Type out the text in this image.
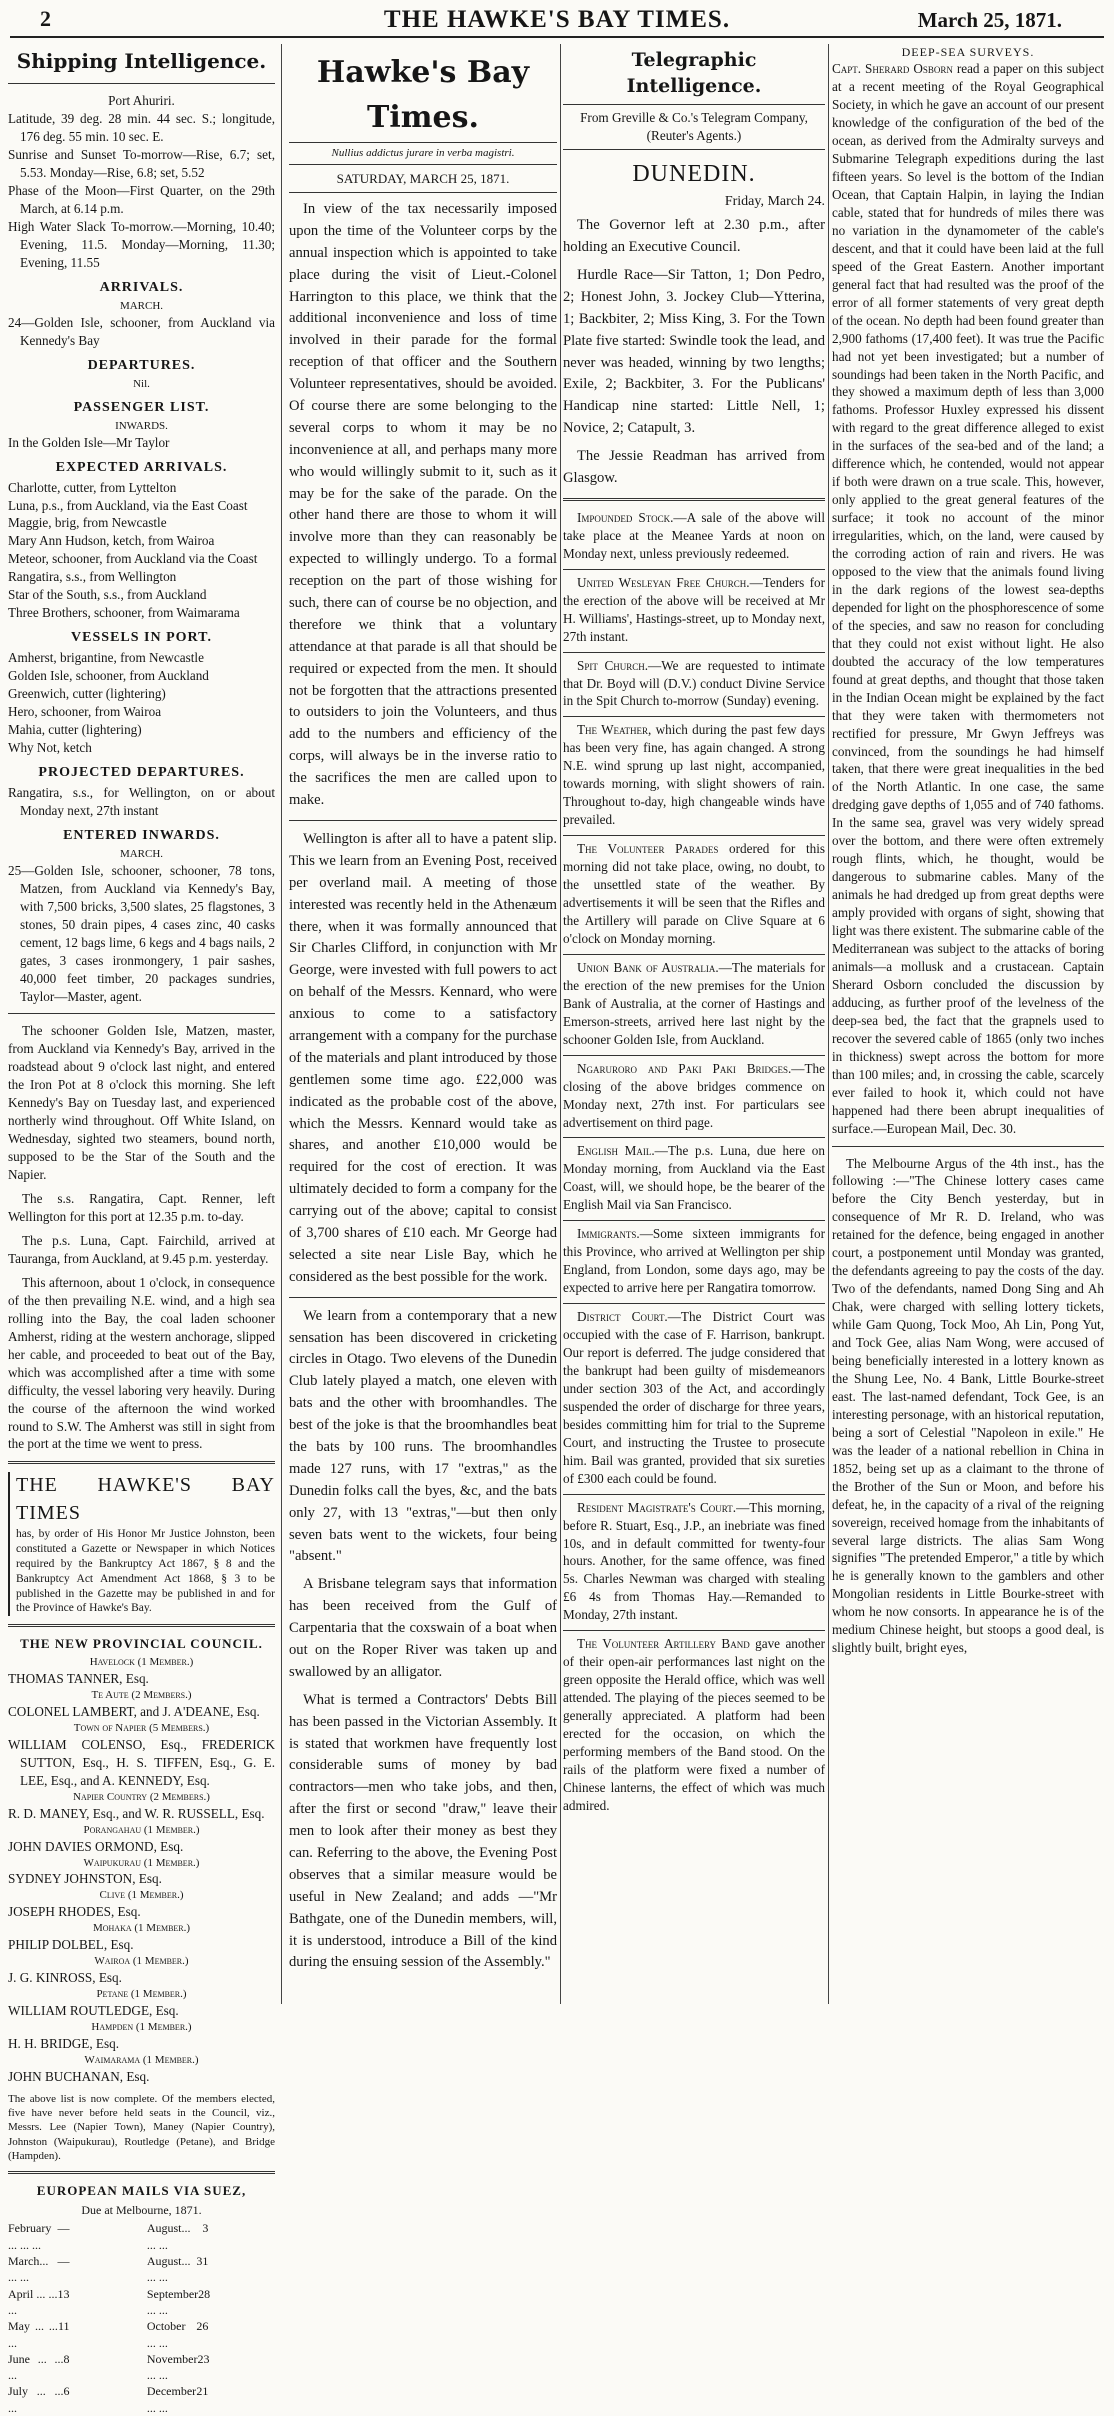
2	THE HAWKE'S BAY TIMES.	March 25, 1871.
Shipping Intelligence.

Port Ahuriri.

Latitude, 39 deg. 28 min. 44 sec. S.; longitude, 176 deg. 55 min. 10 sec. E.

Sunrise and Sunset To-morrow—Rise, 6.7; set, 5.53. Monday—Rise, 6.8; set, 5.52

Phase of the Moon—First Quarter, on the 29th March, at 6.14 p.m.

High Water Slack To-morrow.—Morning, 10.40; Evening, 11.5. Monday—Morning, 11.30; Evening, 11.55

ARRIVALS.

MARCH.

24—Golden Isle, schooner, from Auckland via Kennedy's Bay

DEPARTURES.

Nil.

PASSENGER LIST.

INWARDS.

In the Golden Isle—Mr Taylor

EXPECTED ARRIVALS.

Charlotte, cutter, from Lyttelton

Luna, p.s., from Auckland, via the East Coast

Maggie, brig, from Newcastle

Mary Ann Hudson, ketch, from Wairoa

Meteor, schooner, from Auckland via the Coast

Rangatira, s.s., from Wellington

Star of the South, s.s., from Auckland

Three Brothers, schooner, from Waimarama

VESSELS IN PORT.

Amherst, brigantine, from Newcastle

Golden Isle, schooner, from Auckland

Greenwich, cutter (lightering)

Hero, schooner, from Wairoa

Mahia, cutter (lightering)

Why Not, ketch

PROJECTED DEPARTURES.

Rangatira, s.s., for Wellington, on or about Monday next, 27th instant

ENTERED INWARDS.

MARCH.

25—Golden Isle, schooner, schooner, 78 tons, Matzen, from Auckland via Kennedy's Bay, with 7,500 bricks, 3,500 slates, 25 flagstones, 3 stones, 50 drain pipes, 4 cases zinc, 40 casks cement, 12 bags lime, 6 kegs and 4 bags nails, 2 gates, 3 cases ironmongery, 1 pair sashes, 40,000 feet timber, 20 packages sundries, Taylor—Master, agent.

The schooner Golden Isle, Matzen, master, from Auckland via Kennedy's Bay, arrived in the roadstead about 9 o'clock last night, and entered the Iron Pot at 8 o'clock this morning. She left Kennedy's Bay on Tuesday last, and experienced northerly wind throughout. Off White Island, on Wednesday, sighted two steamers, bound north, supposed to be the Star of the South and the Napier.

The s.s. Rangatira, Capt. Renner, left Wellington for this port at 12.35 p.m. to-day.

The p.s. Luna, Capt. Fairchild, arrived at Tauranga, from Auckland, at 9.45 p.m. yesterday.

This afternoon, about 1 o'clock, in consequence of the then prevailing N.E. wind, and a high sea rolling into the Bay, the coal laden schooner Amherst, riding at the western anchorage, slipped her cable, and proceeded to beat out of the Bay, which was accomplished after a time with some difficulty, the vessel laboring very heavily. During the course of the afternoon the wind worked round to S.W. The Amherst was still in sight from the port at the time we went to press.

THE HAWKE'S BAY TIMES

has, by order of His Honor Mr Justice Johnston, been constituted a Gazette or Newspaper in which Notices required by the Bankruptcy Act 1867, § 8 and the Bankruptcy Act Amendment Act 1868, § 3 to be published in the Gazette may be published in and for the Province of Hawke's Bay.

THE NEW PROVINCIAL COUNCIL.

Havelock (1 Member.)

THOMAS TANNER, Esq.

Te Aute (2 Members.)

COLONEL LAMBERT, and J. A'DEANE, Esq.

Town of Napier (5 Members.)

WILLIAM COLENSO, Esq., FREDERICK SUTTON, Esq., H. S. TIFFEN, Esq., G. E. LEE, Esq., and A. KENNEDY, Esq.

Napier Country (2 Members.)

R. D. MANEY, Esq., and W. R. RUSSELL, Esq.

Porangahau (1 Member.)

JOHN DAVIES ORMOND, Esq.

Waipukurau (1 Member.)

SYDNEY JOHNSTON, Esq.

Clive (1 Member.)

JOSEPH RHODES, Esq.

Mohaka (1 Member.)

PHILIP DOLBEL, Esq.

Wairoa (1 Member.)

J. G. KINROSS, Esq.

Petane (1 Member.)

WILLIAM ROUTLEDGE, Esq.

Hampden (1 Member.)

H. H. BRIDGE, Esq.

Waimarama (1 Member.)

JOHN BUCHANAN, Esq.

The above list is now complete. Of the members elected, five have never before held seats in the Council, viz., Messrs. Lee (Napier Town), Maney (Napier Country), Johnston (Waipukurau), Routledge (Petane), and Bridge (Hampden).

EUROPEAN MAILS VIA SUEZ,

Due at Melbourne, 1871.

February ... ... ...
—
March... ... ...
—
April ... ... ...
13
May ... ... ...
11
June ... ... ...
8
July ... ... ...
6
August... ... ...
3
August... ... ...
31
September ... ...
28
October ... ...
26
November ... ...
23
December ... ...
21
Hawke's Bay Times.

Nullius addictus jurare in verba magistri.

SATURDAY, MARCH 25, 1871.

In view of the tax necessarily imposed upon the time of the Volunteer corps by the annual inspection which is appointed to take place during the visit of Lieut.-Colonel Harrington to this place, we think that the additional inconvenience and loss of time involved in their parade for the formal reception of that officer and the Southern Volunteer representatives, should be avoided. Of course there are some belonging to the several corps to whom it may be no inconvenience at all, and perhaps many more who would willingly submit to it, such as it may be for the sake of the parade. On the other hand there are those to whom it will involve more than they can reasonably be expected to willingly undergo. To a formal reception on the part of those wishing for such, there can of course be no objection, and therefore we think that a voluntary attendance at that parade is all that should be required or expected from the men. It should not be forgotten that the attractions presented to outsiders to join the Volunteers, and thus add to the numbers and efficiency of the corps, will always be in the inverse ratio to the sacrifices the men are called upon to make.

Wellington is after all to have a patent slip. This we learn from an Evening Post, received per overland mail. A meeting of those interested was recently held in the Athenæum there, when it was formally announced that Sir Charles Clifford, in conjunction with Mr George, were invested with full powers to act on behalf of the Messrs. Kennard, who were anxious to come to a satisfactory arrangement with a company for the purchase of the materials and plant introduced by those gentlemen some time ago. £22,000 was indicated as the probable cost of the above, which the Messrs. Kennard would take as shares, and another £10,000 would be required for the cost of erection. It was ultimately decided to form a company for the carrying out of the above; capital to consist of 3,700 shares of £10 each. Mr George had selected a site near Lisle Bay, which he considered as the best possible for the work.

We learn from a contemporary that a new sensation has been discovered in cricketing circles in Otago. Two elevens of the Dunedin Club lately played a match, one eleven with bats and the other with broomhandles. The best of the joke is that the broomhandles beat the bats by 100 runs. The broomhandles made 127 runs, with 17 "extras," as the Dunedin folks call the byes, &c, and the bats only 27, with 13 "extras,"—but then only seven bats went to the wickets, four being "absent."

A Brisbane telegram says that information has been received from the Gulf of Carpentaria that the coxswain of a boat when out on the Roper River was taken up and swallowed by an alligator.

What is termed a Contractors' Debts Bill has been passed in the Victorian Assembly. It is stated that workmen have frequently lost considerable sums of money by bad contractors—men who take jobs, and then, after the first or second "draw," leave their men to look after their money as best they can. Referring to the above, the Evening Post observes that a similar measure would be useful in New Zealand; and adds —"Mr Bathgate, one of the Dunedin members, will, it is understood, introduce a Bill of the kind during the ensuing session of the Assembly."

Telegraphic Intelligence.

From Greville & Co.'s Telegram Company, (Reuter's Agents.)

DUNEDIN.

Friday, March 24.

The Governor left at 2.30 p.m., after holding an Executive Council.

Hurdle Race—Sir Tatton, 1; Don Pedro, 2; Honest John, 3. Jockey Club—Ytterina, 1; Backbiter, 2; Miss King, 3. For the Town Plate five started: Swindle took the lead, and never was headed, winning by two lengths; Exile, 2; Backbiter, 3. For the Publicans' Handicap nine started: Little Nell, 1; Novice, 2; Catapult, 3.

The Jessie Readman has arrived from Glasgow.

Impounded Stock.—A sale of the above will take place at the Meanee Yards at noon on Monday next, unless previously redeemed.

United Wesleyan Free Church.—Tenders for the erection of the above will be received at Mr H. Williams', Hastings-street, up to Monday next, 27th instant.

Spit Church.—We are requested to intimate that Dr. Boyd will (D.V.) conduct Divine Service in the Spit Church to-morrow (Sunday) evening.

The Weather, which during the past few days has been very fine, has again changed. A strong N.E. wind sprung up last night, accompanied, towards morning, with slight showers of rain. Throughout to-day, high changeable winds have prevailed.

The Volunteer Parades ordered for this morning did not take place, owing, no doubt, to the unsettled state of the weather. By advertisements it will be seen that the Rifles and the Artillery will parade on Clive Square at 6 o'clock on Monday morning.

Union Bank of Australia.—The materials for the erection of the new premises for the Union Bank of Australia, at the corner of Hastings and Emerson-streets, arrived here last night by the schooner Golden Isle, from Auckland.

Ngaruroro and Paki Paki Bridges.—The closing of the above bridges commence on Monday next, 27th inst. For particulars see advertisement on third page.

English Mail.—The p.s. Luna, due here on Monday morning, from Auckland via the East Coast, will, we should hope, be the bearer of the English Mail via San Francisco.

Immigrants.—Some sixteen immigrants for this Province, who arrived at Wellington per ship England, from London, some days ago, may be expected to arrive here per Rangatira tomorrow.

District Court.—The District Court was occupied with the case of F. Harrison, bankrupt. Our report is deferred. The judge considered that the bankrupt had been guilty of misdemeanors under section 303 of the Act, and accordingly suspended the order of discharge for three years, besides committing him for trial to the Supreme Court, and instructing the Trustee to prosecute him. Bail was granted, provided that six sureties of £300 each could be found.

Resident Magistrate's Court.—This morning, before R. Stuart, Esq., J.P., an inebriate was fined 10s, and in default committed for twenty-four hours. Another, for the same offence, was fined 5s. Charles Newman was charged with stealing £6 4s from Thomas Hay.—Remanded to Monday, 27th instant.

The Volunteer Artillery Band gave another of their open-air performances last night on the green opposite the Herald office, which was well attended. The playing of the pieces seemed to be generally appreciated. A platform had been erected for the occasion, on which the performing members of the Band stood. On the rails of the platform were fixed a number of Chinese lanterns, the effect of which was much admired.

DEEP-SEA SURVEYS.

Capt. Sherard Osborn read a paper on this subject at a recent meeting of the Royal Geographical Society, in which he gave an account of our present knowledge of the configuration of the bed of the ocean, as derived from the Admiralty surveys and Submarine Telegraph expeditions during the last fifteen years. So level is the bottom of the Indian Ocean, that Captain Halpin, in laying the Indian cable, stated that for hundreds of miles there was no variation in the dynamometer of the cable's descent, and that it could have been laid at the full speed of the Great Eastern. Another important general fact that had resulted was the proof of the error of all former statements of very great depth of the ocean. No depth had been found greater than 2,900 fathoms (17,400 feet). It was true the Pacific had not yet been investigated; but a number of soundings had been taken in the North Pacific, and they showed a maximum depth of less than 3,000 fathoms. Professor Huxley expressed his dissent with regard to the great difference alleged to exist in the surfaces of the sea-bed and of the land; a difference which, he contended, would not appear if both were drawn on a true scale. This, however, only applied to the great general features of the surface; it took no account of the minor irregularities, which, on the land, were caused by the corroding action of rain and rivers. He was opposed to the view that the animals found living in the dark regions of the lowest sea-depths depended for light on the phosphorescence of some of the species, and saw no reason for concluding that they could not exist without light. He also doubted the accuracy of the low temperatures found at great depths, and thought that those taken in the Indian Ocean might be explained by the fact that they were taken with thermometers not rectified for pressure, Mr Gwyn Jeffreys was convinced, from the soundings he had himself taken, that there were great inequalities in the bed of the North Atlantic. In one case, the same dredging gave depths of 1,055 and of 740 fathoms. In the same sea, gravel was very widely spread over the bottom, and there were often extremely rough flints, which, he thought, would be dangerous to submarine cables. Many of the animals he had dredged up from great depths were amply provided with organs of sight, showing that light was there existent. The submarine cable of the Mediterranean was subject to the attacks of boring animals—a mollusk and a crustacean. Captain Sherard Osborn concluded the discussion by adducing, as further proof of the levelness of the deep-sea bed, the fact that the grapnels used to recover the severed cable of 1865 (only two inches in thickness) swept across the bottom for more than 100 miles; and, in crossing the cable, scarcely ever failed to hook it, which could not have happened had there been abrupt inequalities of surface.—European Mail, Dec. 30.

The Melbourne Argus of the 4th inst., has the following :—"The Chinese lottery cases came before the City Bench yesterday, but in consequence of Mr R. D. Ireland, who was retained for the defence, being engaged in another court, a postponement until Monday was granted, the defendants agreeing to pay the costs of the day. Two of the defendants, named Dong Sing and Ah Chak, were charged with selling lottery tickets, while Gam Quong, Tock Moo, Ah Lin, Pong Yut, and Tock Gee, alias Nam Wong, were accused of being beneficially interested in a lottery known as the Shung Lee, No. 4 Bank, Little Bourke-street east. The last-named defendant, Tock Gee, is an interesting personage, with an historical reputation, being a sort of Celestial "Napoleon in exile." He was the leader of a national rebellion in China in 1852, being set up as a claimant to the throne of the Brother of the Sun or Moon, and before his defeat, he, in the capacity of a rival of the reigning sovereign, received homage from the inhabitants of several large districts. The alias Sam Wong signifies "The pretended Emperor," a title by which he is generally known to the gamblers and other Mongolian residents in Little Bourke-street with whom he now consorts. In appearance he is of the medium Chinese height, but stoops a good deal, is slightly built, bright eyes,
